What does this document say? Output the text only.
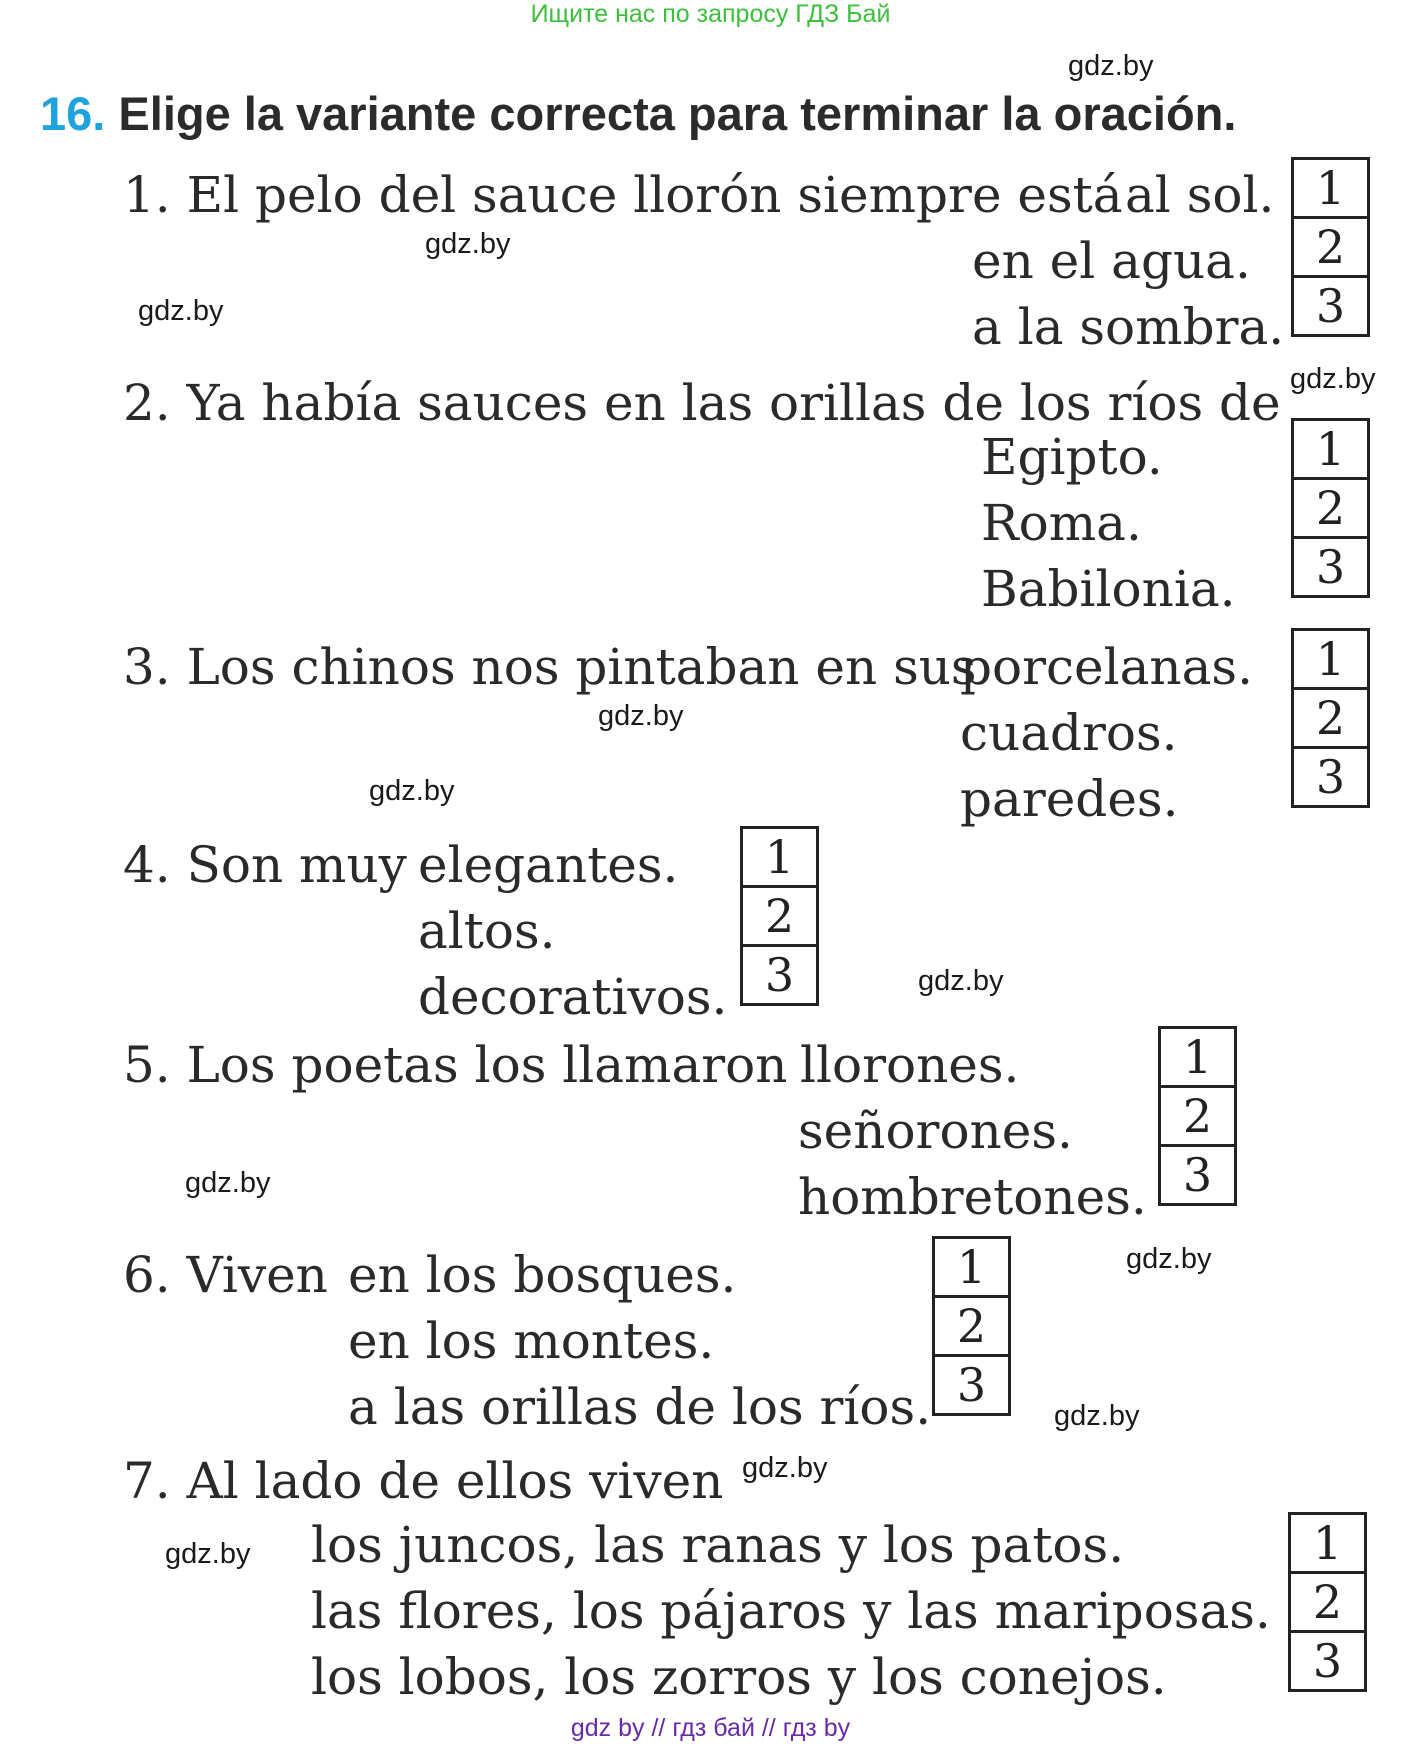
Ищите нас по запросу ГДЗ Бай
16. Elige la variante correcta para terminar la oración.
gdz.by
gdz.by
gdz.by
gdz.by
gdz.by
gdz.by
gdz.by
gdz.by
gdz.by
gdz.by
gdz.by
gdz.by
1. El pelo del sauce llorón siempre está al sol.
en el agua.
a la sombra.
1
2
3
2. Ya había sauces en las orillas de los ríos de
Egipto.
Roma.
Babilonia.
1
2
3
3. Los chinos nos pintaban en sus
porcelanas.
cuadros.
paredes.
1
2
3
4. Son muy elegantes.
altos.
decorativos.
1
2
3
5. Los poetas los llamaron
señorones.
hombretones.
llorones.	1
2
3
6. Viven en los bosques.
en los montes.
a las orillas de los ríos.
1
2
3
7. Al lado de ellos viven
los juncos, las ranas y los patos.
las flores, los pájaros y las mariposas.
los lobos, los zorros y los conejos.
1
2
3
gdz by // гдз бай // гдз by
